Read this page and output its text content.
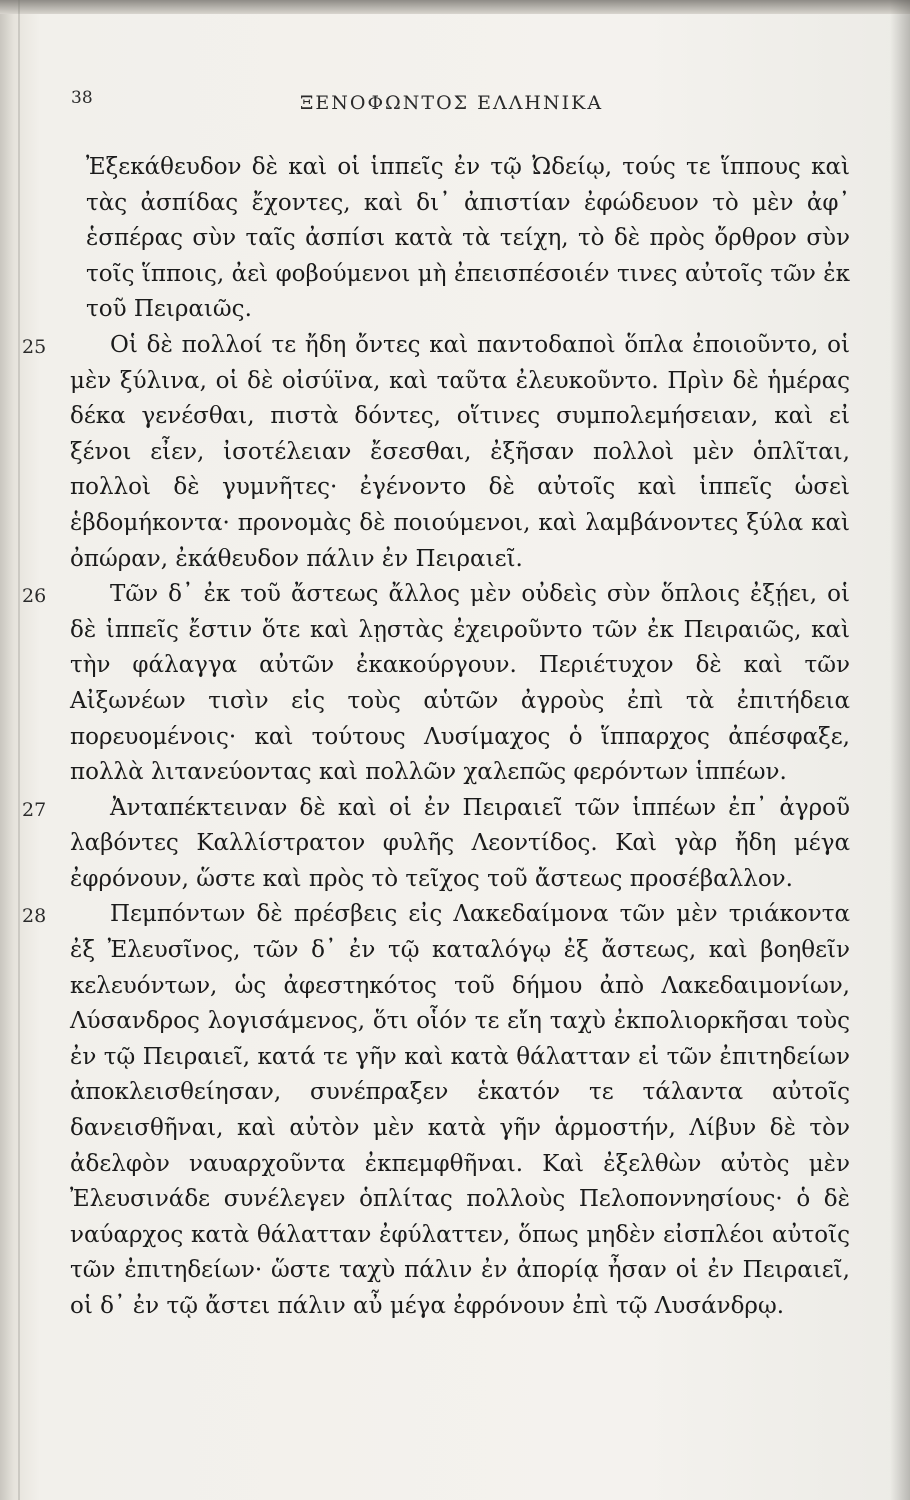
38	ΞΕΝΟΦΩΝΤΟΣ ΕΛΛΗΝΙΚΑ

Ἐξεκάθευδον δὲ καὶ οἱ ἱππεῖς ἐν τῷ Ὠδείῳ, τούς τε ἵππους καὶ τὰς ἀσπίδας ἔχοντες, καὶ δι᾽ ἀπιστίαν ἐφώδευον τὸ μὲν ἀφ᾽ ἑσπέρας σὺν ταῖς ἀσπίσι κατὰ τὰ τείχη, τὸ δὲ πρὸς ὄρθρον σὺν τοῖς ἵπποις, ἀεὶ φοβούμενοι μὴ ἐπεισπέσοιέν τινες αὐτοῖς τῶν ἐκ τοῦ Πειραιῶς.

25	Οἱ δὲ πολλοί τε ἤδη ὄντες καὶ παντοδαποὶ ὅπλα ἐποιοῦντο, οἱ μὲν ξύλινα, οἱ δὲ οἰσύϊνα, καὶ ταῦτα ἐλευκοῦντο. Πρὶν δὲ ἡμέρας δέκα γενέσθαι, πιστὰ δόντες, οἵτινες συμπολεμήσειαν, καὶ εἰ ξένοι εἶεν, ἰσοτέλειαν ἔσεσθαι, ἐξῆσαν πολλοὶ μὲν ὁπλῖται, πολλοὶ δὲ γυμνῆτες· ἐγένοντο δὲ αὐτοῖς καὶ ἱππεῖς ὡσεὶ ἑβδομήκοντα· προνομὰς δὲ ποιούμενοι, καὶ λαμβάνοντες ξύλα καὶ ὀπώραν, ἐκάθευδον πάλιν ἐν Πειραιεῖ.

26	Τῶν δ᾽ ἐκ τοῦ ἄστεως ἄλλος μὲν οὐδεὶς σὺν ὅπλοις ἐξῄει, οἱ δὲ ἱππεῖς ἔστιν ὅτε καὶ λῃστὰς ἐχειροῦντο τῶν ἐκ Πειραιῶς, καὶ τὴν φάλαγγα αὐτῶν ἐκακούργουν. Περιέτυχον δὲ καὶ τῶν Αἰξωνέων τισὶν εἰς τοὺς αὑτῶν ἀγροὺς ἐπὶ τὰ ἐπιτήδεια πορευομένοις· καὶ τούτους Λυσίμαχος ὁ ἵππαρχος ἀπέσφαξε, πολλὰ λιτανεύοντας καὶ πολλῶν χαλεπῶς φερόντων ἱππέων.

27	Ἀνταπέκτειναν δὲ καὶ οἱ ἐν Πειραιεῖ τῶν ἱππέων ἐπ᾽ ἀγροῦ λαβόντες Καλλίστρατον φυλῆς Λεοντίδος. Καὶ γὰρ ἤδη μέγα ἐφρόνουν, ὥστε καὶ πρὸς τὸ τεῖχος τοῦ ἄστεως προσέβαλλον.

28	Πεμπόντων δὲ πρέσβεις εἰς Λακεδαίμονα τῶν μὲν τριάκοντα ἐξ Ἐλευσῖνος, τῶν δ᾽ ἐν τῷ καταλόγῳ ἐξ ἄστεως, καὶ βοηθεῖν κελευόντων, ὡς ἀφεστηκότος τοῦ δήμου ἀπὸ Λακεδαιμονίων, Λύσανδρος λογισάμενος, ὅτι οἷόν τε εἴη ταχὺ ἐκπολιορκῆσαι τοὺς ἐν τῷ Πειραιεῖ, κατά τε γῆν καὶ κατὰ θάλατταν εἰ τῶν ἐπιτηδείων ἀποκλεισθείησαν, συνέπραξεν ἑκατόν τε τάλαντα αὐτοῖς δανεισθῆναι, καὶ αὐτὸν μὲν κατὰ γῆν ἁρμοστήν, Λίβυν δὲ τὸν ἀδελφὸν ναυαρχοῦντα ἐκπεμφθῆναι. Καὶ ἐξελθὼν αὐτὸς μὲν Ἐλευσινάδε συνέλεγεν ὁπλίτας πολλοὺς Πελοποννησίους· ὁ δὲ ναύαρχος κατὰ θάλατταν ἐφύλαττεν, ὅπως μηδὲν εἰσπλέοι αὐτοῖς τῶν ἐπιτηδείων· ὥστε ταχὺ πάλιν ἐν ἀπορίᾳ ἦσαν οἱ ἐν Πειραιεῖ, οἱ δ᾽ ἐν τῷ ἄστει πάλιν αὖ μέγα ἐφρόνουν ἐπὶ τῷ Λυσάνδρῳ.
